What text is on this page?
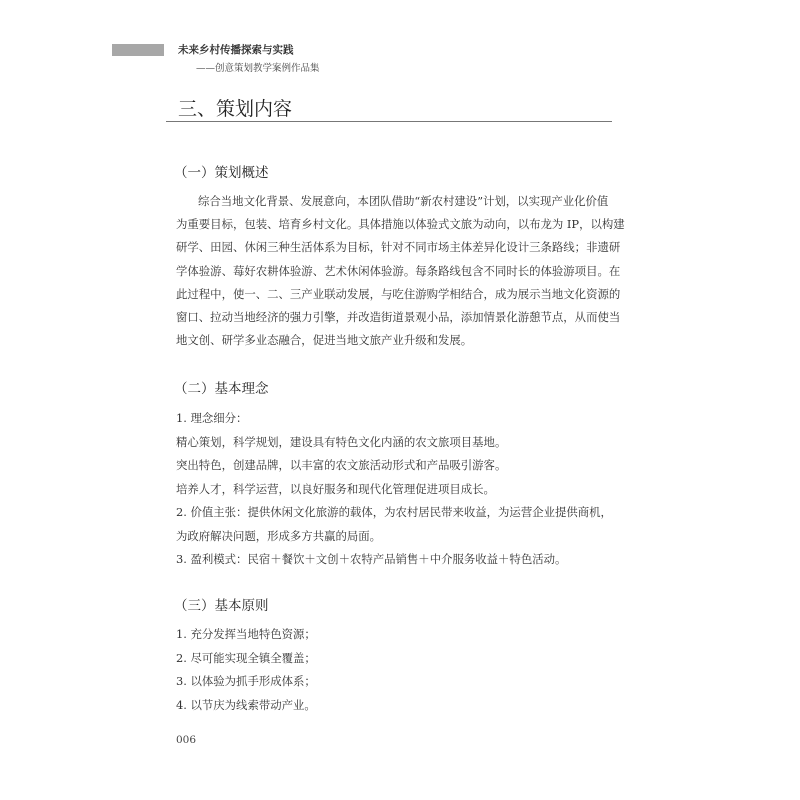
未来乡村传播探索与实践
——创意策划教学案例作品集
三、策划内容
（一）策划概述
综合当地文化背景、发展意向，本团队借助“新农村建设”计划，以实现产业化价值
为重要目标，包装、培育乡村文化。具体措施以体验式文旅为动向，以布龙为 IP，以构建
研学、田园、休闲三种生活体系为目标，针对不同市场主体差异化设计三条路线；非遗研
学体验游、莓好农耕体验游、艺术休闲体验游。每条路线包含不同时长的体验游项目。在
此过程中，使一、二、三产业联动发展，与吃住游购学相结合，成为展示当地文化资源的
窗口、拉动当地经济的强力引擎，并改造街道景观小品，添加情景化游憩节点，从而使当
地文创、研学多业态融合，促进当地文旅产业升级和发展。
（二）基本理念
1. 理念细分：
精心策划，科学规划，建设具有特色文化内涵的农文旅项目基地。
突出特色，创建品牌，以丰富的农文旅活动形式和产品吸引游客。
培养人才，科学运营，以良好服务和现代化管理促进项目成长。
2. 价值主张：提供休闲文化旅游的载体，为农村居民带来收益，为运营企业提供商机，
为政府解决问题，形成多方共赢的局面。
3. 盈利模式：民宿＋餐饮＋文创＋农特产品销售＋中介服务收益＋特色活动。
（三）基本原则
1. 充分发挥当地特色资源；
2. 尽可能实现全镇全覆盖；
3. 以体验为抓手形成体系；
4. 以节庆为线索带动产业。
006
